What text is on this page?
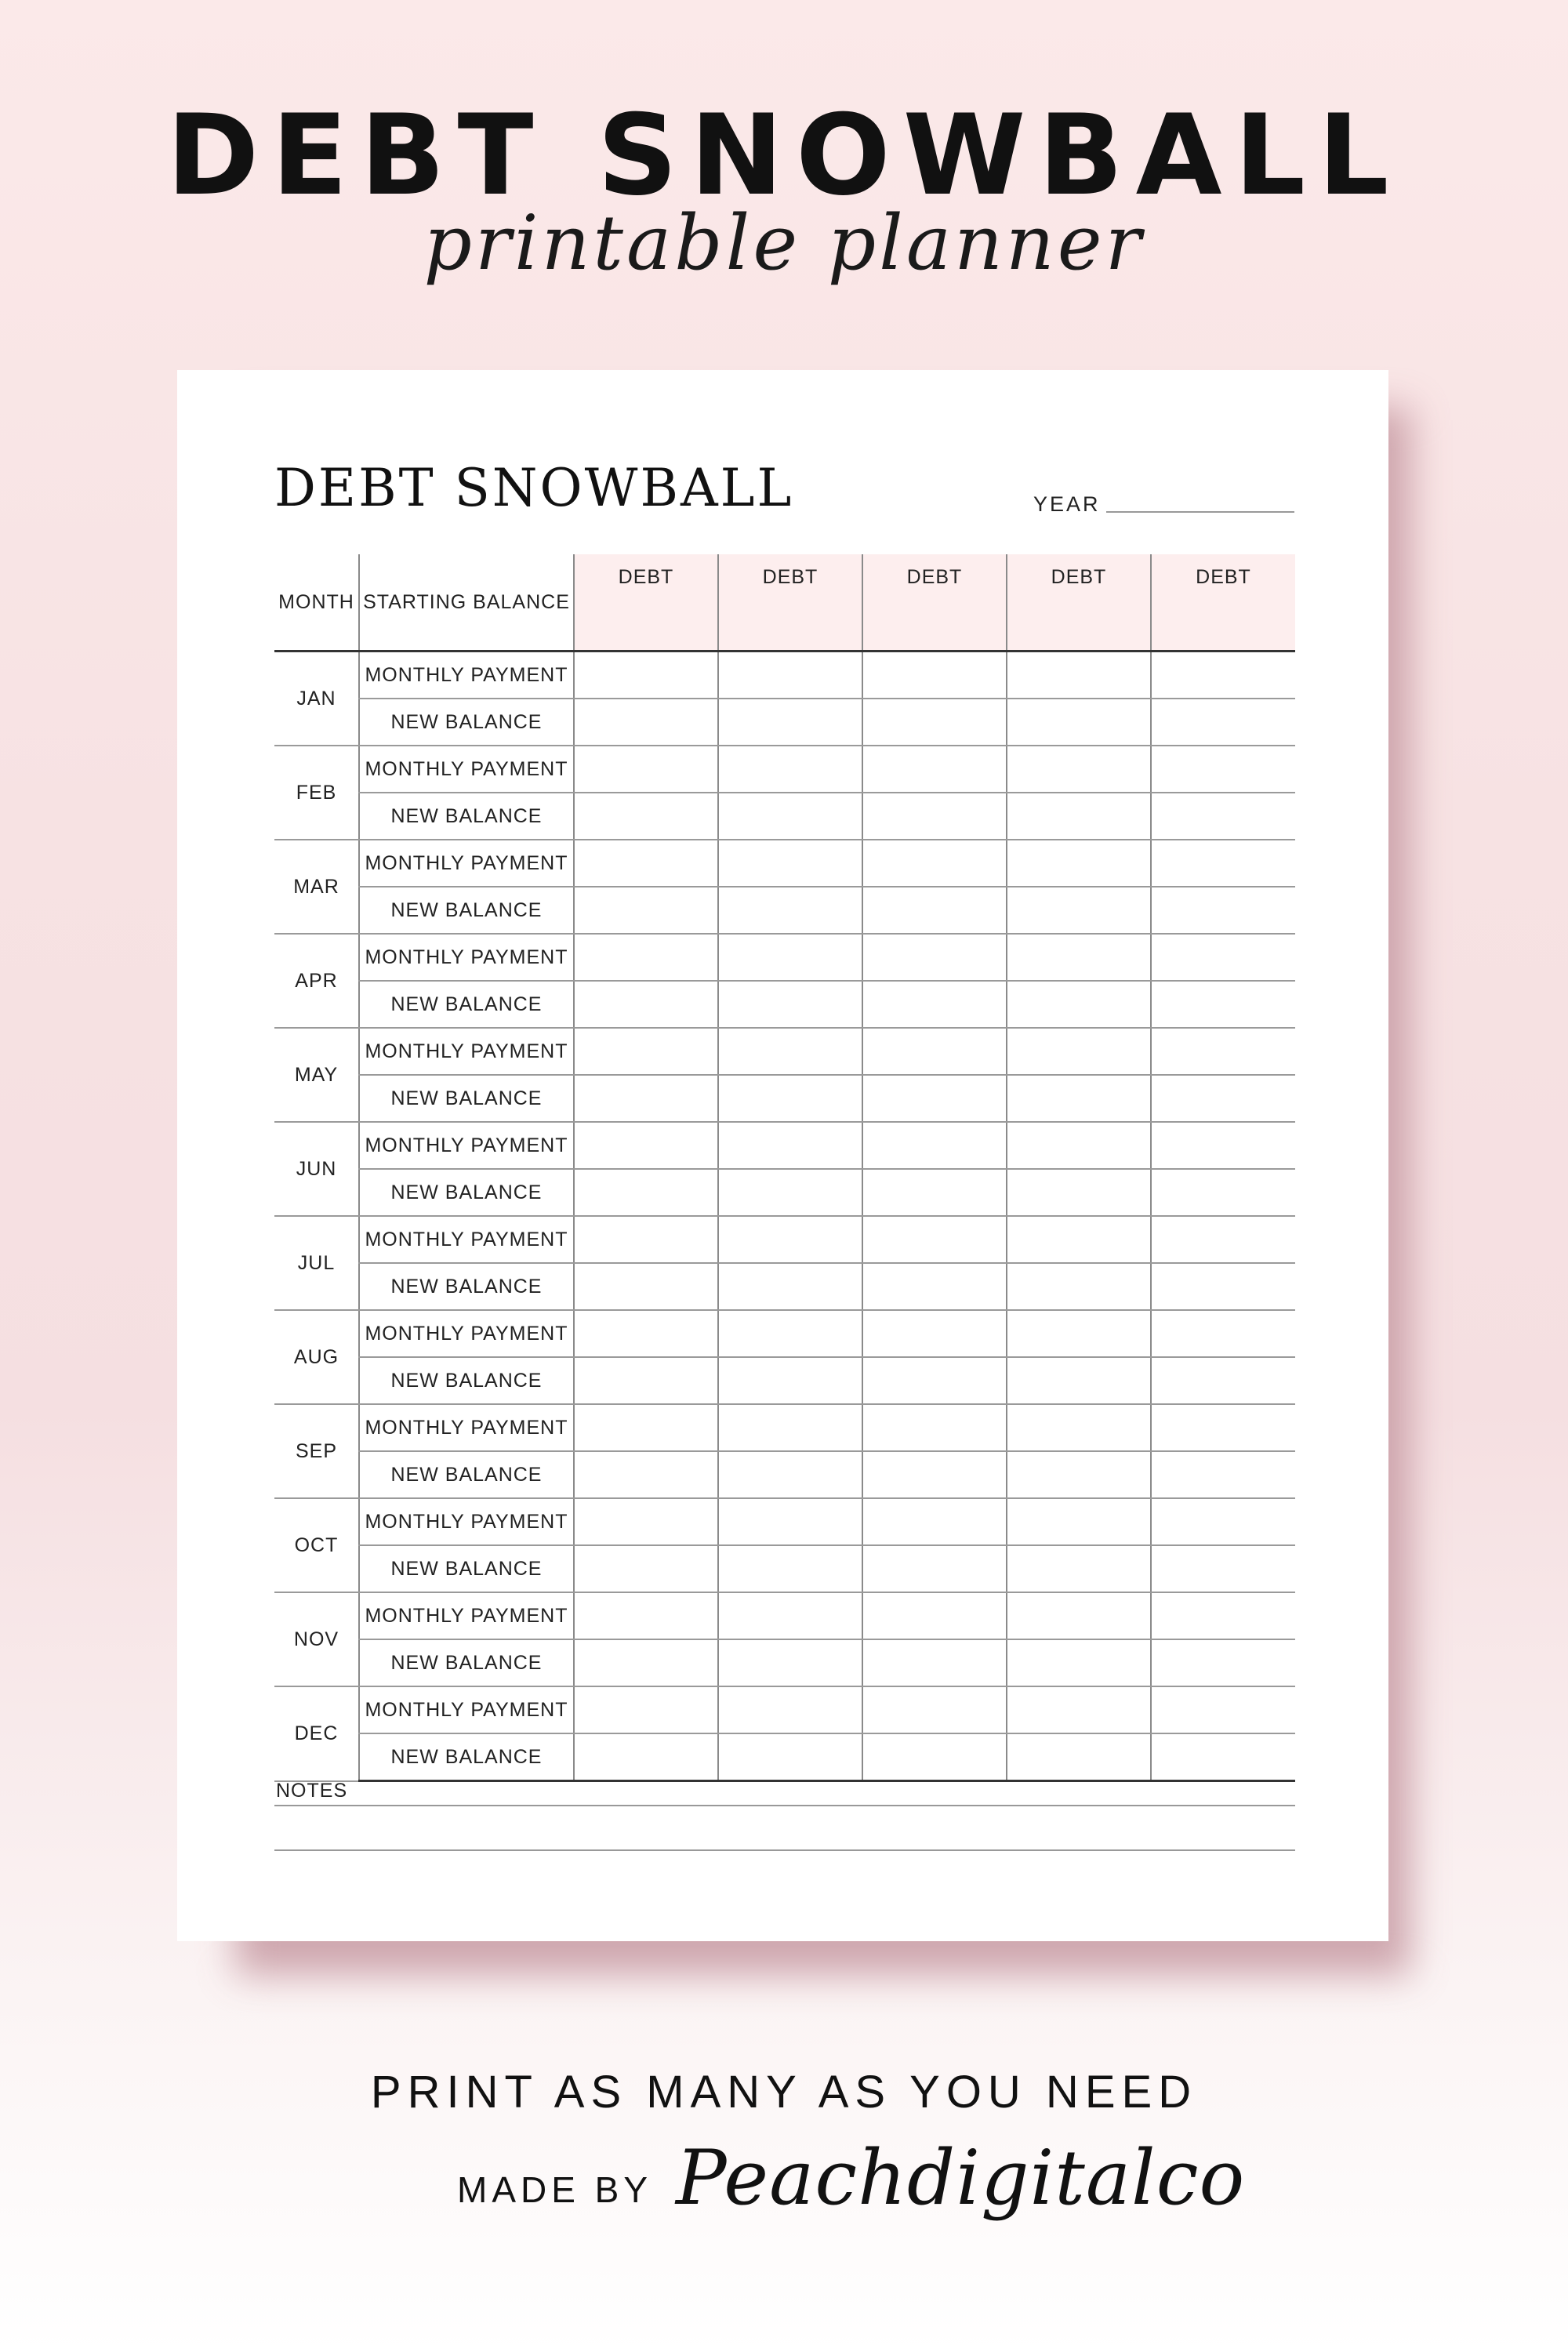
DEBT SNOWBALL
printable planner
DEBT SNOWBALL	YEAR
MONTH	STARTING BALANCE	DEBT	DEBT	DEBT	DEBT	DEBT
JAN	MONTHLY PAYMENT					
	NEW BALANCE					
FEB	MONTHLY PAYMENT					
	NEW BALANCE					
MAR	MONTHLY PAYMENT					
	NEW BALANCE					
APR	MONTHLY PAYMENT					
	NEW BALANCE					
MAY	MONTHLY PAYMENT					
	NEW BALANCE					
JUN	MONTHLY PAYMENT					
	NEW BALANCE					
JUL	MONTHLY PAYMENT					
	NEW BALANCE					
AUG	MONTHLY PAYMENT					
	NEW BALANCE					
SEP	MONTHLY PAYMENT					
	NEW BALANCE					
OCT	MONTHLY PAYMENT					
	NEW BALANCE					
NOV	MONTHLY PAYMENT					
	NEW BALANCE					
DEC	MONTHLY PAYMENT					
	NEW BALANCE					
NOTES
PRINT AS MANY AS YOU NEED
MADE BY Peachdigitalco
